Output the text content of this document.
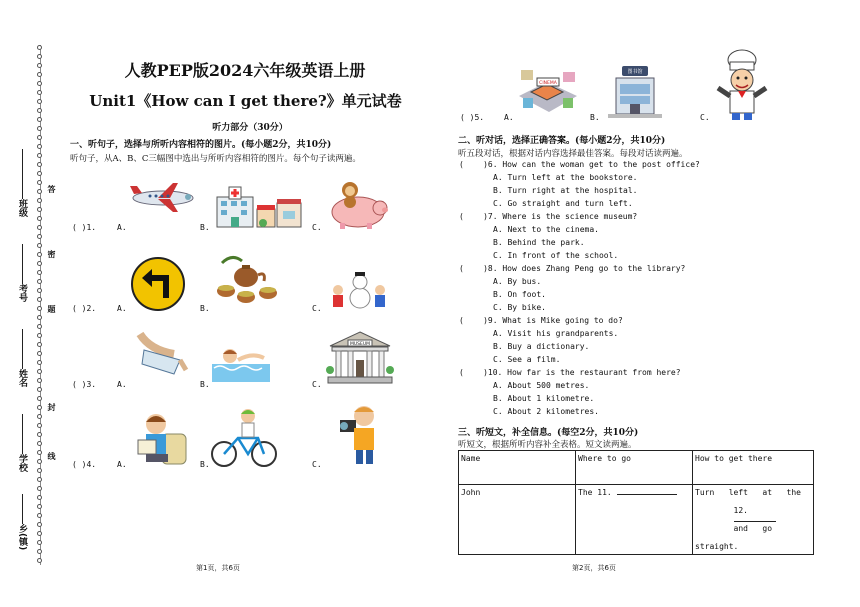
班级
考号
姓名
学校
乡(镇)
答
密
题
封
线
人教PEP版2024六年级英语上册
Unit1《How can I get there?》单元试卷
听力部分（30分）
一、听句子，选择与所听内容相符的图片。(每小题2分，共10分)
听句子，从A、B、C三幅图中选出与所听内容相符的图片。每个句子读两遍。
( )1.	A.	B.	C.
( )2.	A.	B.	C.
( )3.	A.	B.	C.
MUSEUM
( )4.	A.	B.	C.
第1页，共6页
CINEMA
图书馆
( )5. A.	B.	C.
二、听对话，选择正确答案。(每小题2分，共10分)
听五段对话，根据对话内容选择最佳答案。每段对话读两遍。
(    )6. How can the woman get to the post office?
A. Turn left at the bookstore.
B. Turn right at the hospital.
C. Go straight and turn left.
(    )7. Where is the science museum?
A. Next to the cinema.
B. Behind the park.
C. In front of the school.
(    )8. How does Zhang Peng go to the library?
A. By bus.
B. On foot.
C. By bike.
(    )9. What is Mike going to do?
A. Visit his grandparents.
B. Buy a dictionary.
C. See a film.
(    )10. How far is the restaurant from here?
A. About 500 metres.
B. About 1 kilometre.
C. About 2 kilometres.
三、听短文，补全信息。(每空2分，共10分)
听短文，根据所听内容补全表格。短文读两遍。
Name	Where to go	How to get there
John	The 11.	Turn   left   at   the

12.

and   go

straight.
第2页，共6页
